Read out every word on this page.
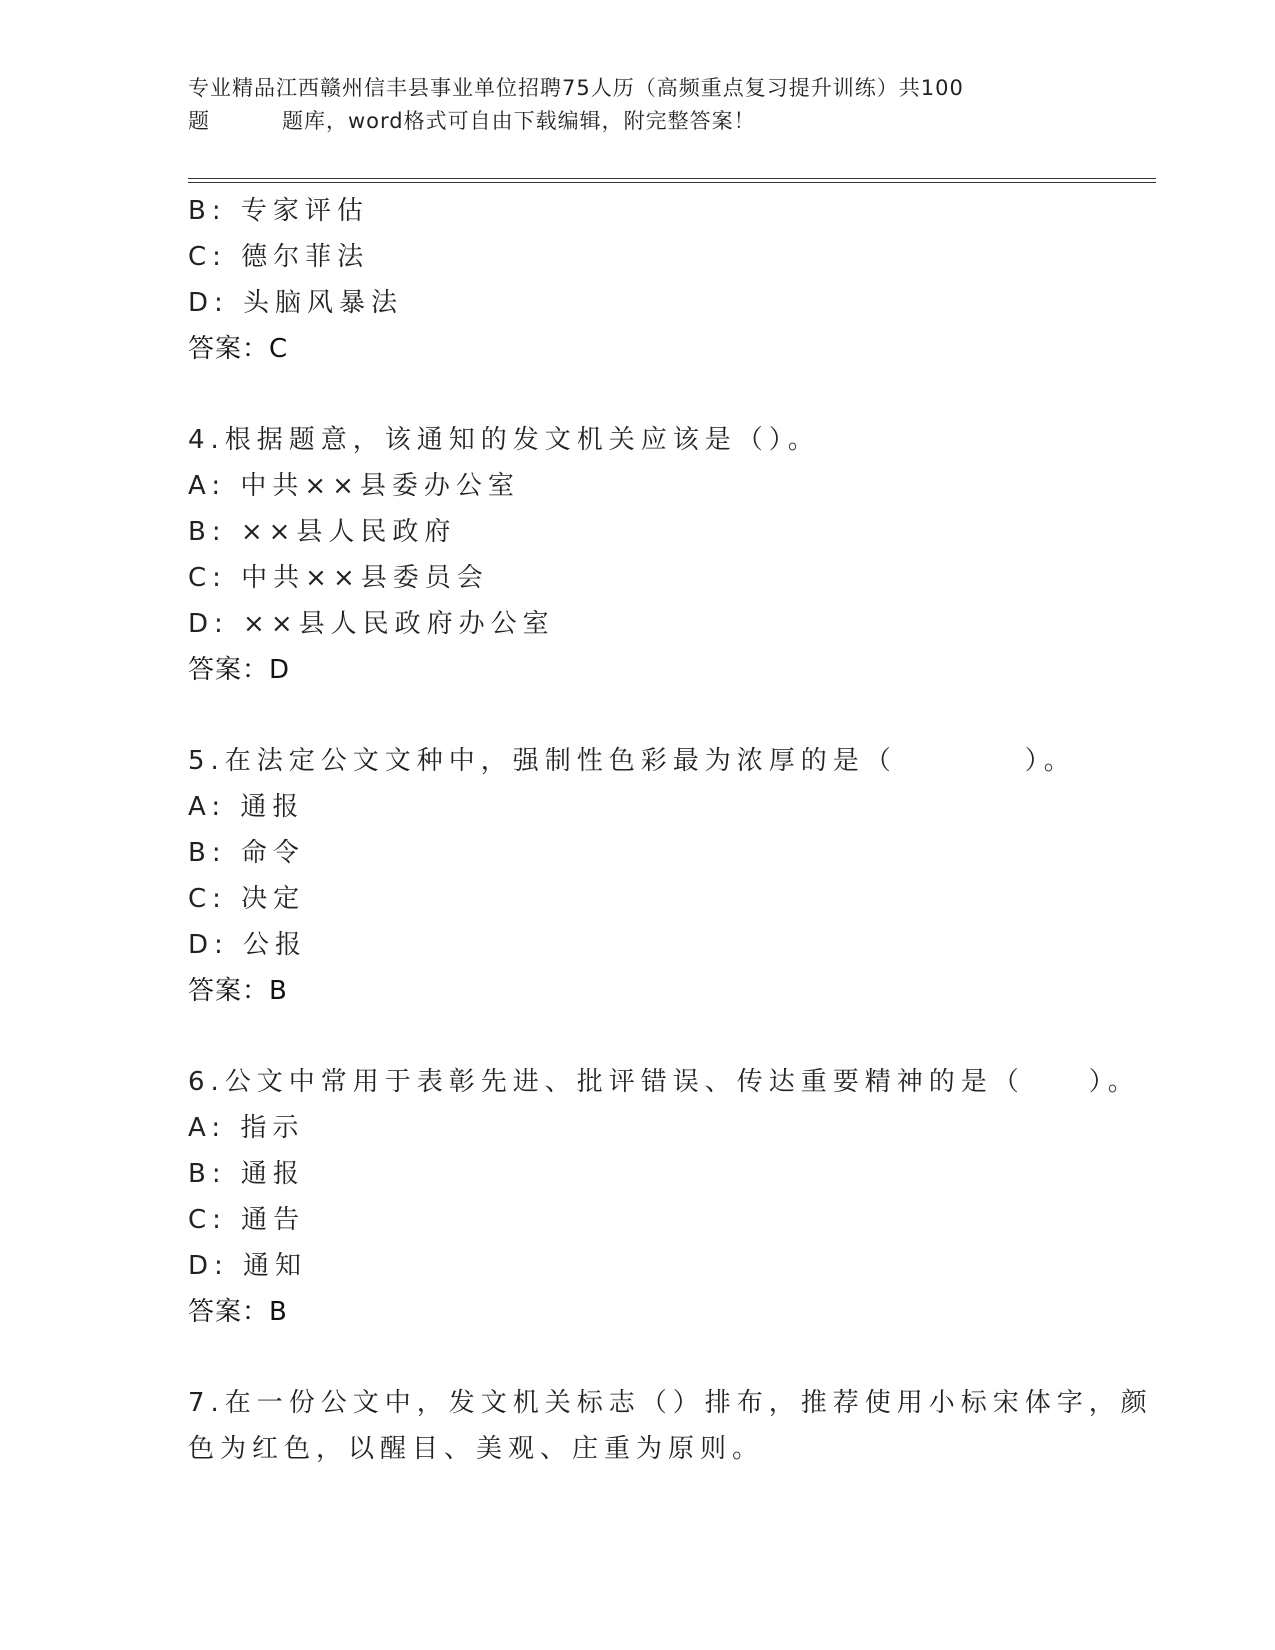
专业精品江西赣州信丰县事业单位招聘75人历（高频重点复习提升训练）共100

题	题库，word格式可自由下载编辑，附完整答案！
B: 专家评估
C: 德尔菲法
D: 头脑风暴法
答案：C
4.根据题意，该通知的发文机关应该是（）。
A: 中共××县委办公室
B: ××县人民政府
C: 中共××县委员会
D: ××县人民政府办公室
答案：D
5.在法定公文文种中，强制性色彩最为浓厚的是（　　　　）。
A: 通报
B: 命令
C: 决定
D: 公报
答案：B
6.公文中常用于表彰先进、批评错误、传达重要精神的是（　　）。
A: 指示
B: 通报
C: 通告
D: 通知
答案：B
7.在一份公文中，发文机关标志（）排布，推荐使用小标宋体字，颜
色为红色，以醒目、美观、庄重为原则。
